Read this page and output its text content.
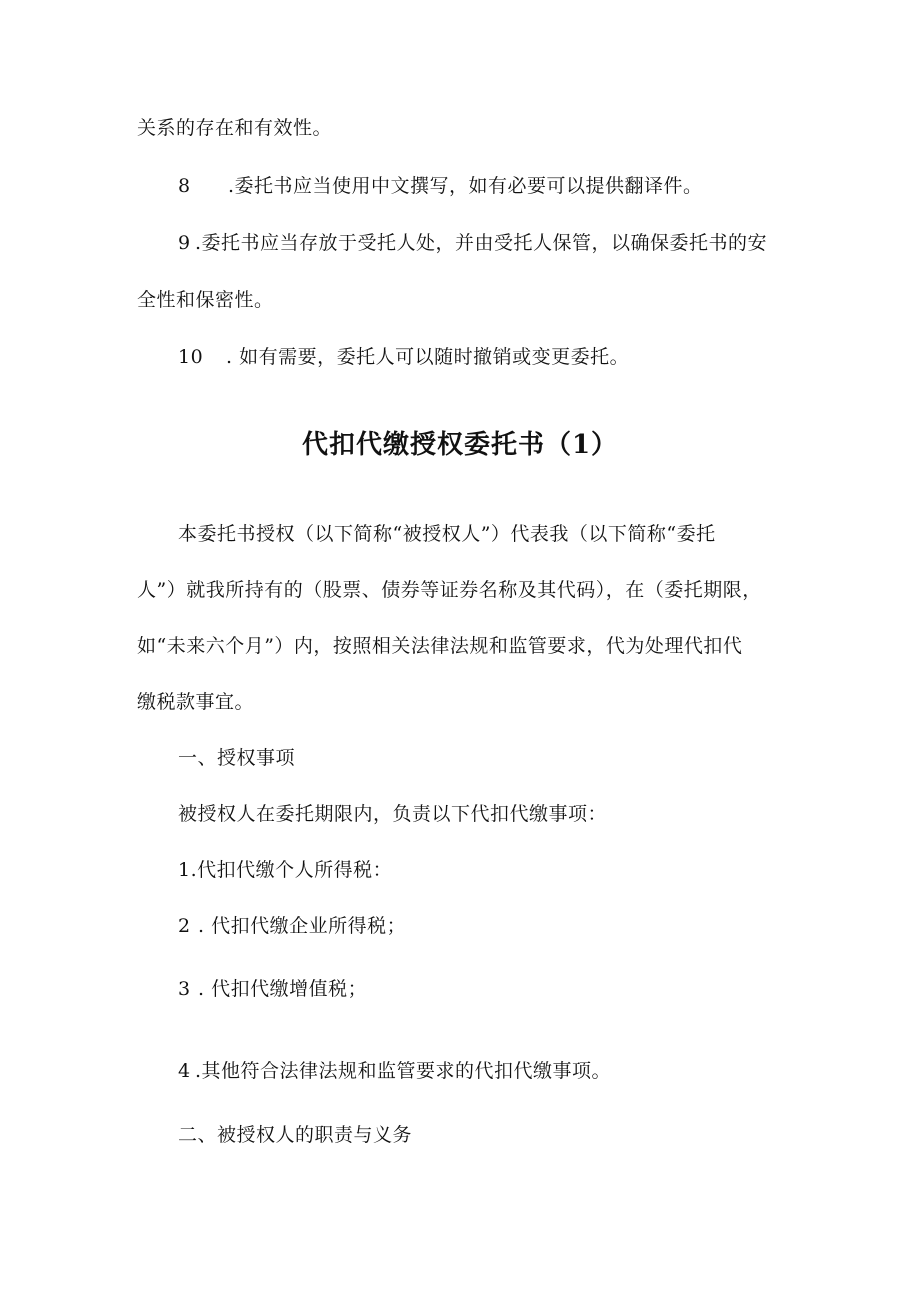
关系的存在和有效性。

8 .委托书应当使用中文撰写，如有必要可以提供翻译件。

9 .委托书应当存放于受托人处，并由受托人保管，以确保委托书的安

全性和保密性。

10 . 如有需要，委托人可以随时撤销或变更委托。

代扣代缴授权委托书（1）

本委托书授权（以下简称“被授权人”）代表我（以下简称“委托

人”）就我所持有的（股票、债券等证券名称及其代码），在（委托期限，

如“未来六个月”）内，按照相关法律法规和监管要求，代为处理代扣代

缴税款事宜。

一、授权事项

被授权人在委托期限内，负责以下代扣代缴事项：

1.代扣代缴个人所得税：

2 . 代扣代缴企业所得税；

3 . 代扣代缴增值税；

4 .其他符合法律法规和监管要求的代扣代缴事项。

二、被授权人的职责与义务
